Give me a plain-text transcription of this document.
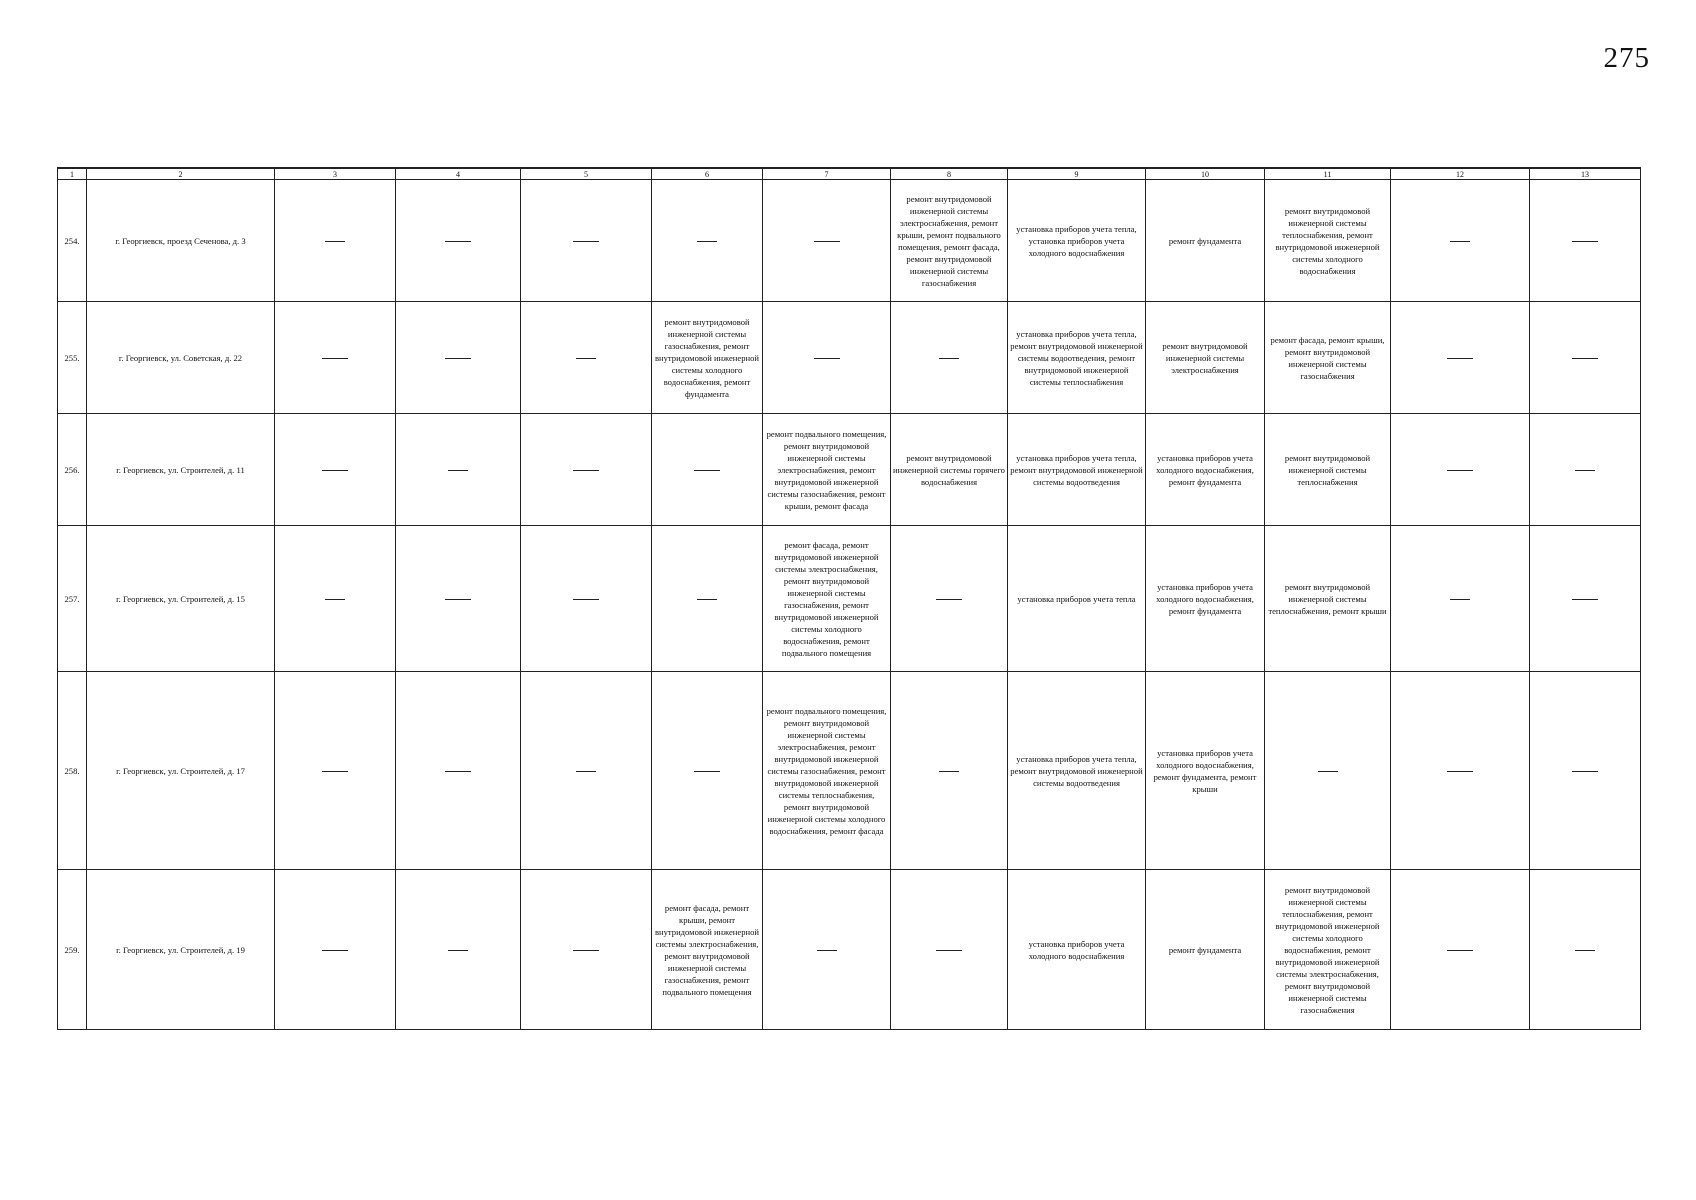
275
1	2	3	4	5	6	7	8	9	10	11	12	13
254.	г. Георгиевск, проезд Сеченова, д. 3						ремонт внутридомовой инженерной системы электроснабжения, ремонт крыши, ремонт подвального помещения, ремонт фасада, ремонт внутридомовой инженерной системы газоснабжения	установка приборов учета тепла, установка приборов учета холодного водоснабжения	ремонт фундамента	ремонт внутридомовой инженерной системы теплоснабжения, ремонт внутридомовой инженерной системы холодного водоснабжения		
255.	г. Георгиевск, ул. Советская, д. 22				ремонт внутридомовой инженерной системы газоснабжения, ремонт внутридомовой инженерной системы холодного водоснабжения, ремонт фундамента			установка приборов учета тепла, ремонт внутридомовой инженерной системы водоотведения, ремонт внутридомовой инженерной системы теплоснабжения	ремонт внутридомовой инженерной системы электроснабжения	ремонт фасада, ремонт крыши, ремонт внутридомовой инженерной системы газоснабжения		
256.	г. Георгиевск, ул. Строителей, д. 11					ремонт подвального помещения, ремонт внутридомовой инженерной системы электроснабжения, ремонт внутридомовой инженерной системы газоснабжения, ремонт крыши, ремонт фасада	ремонт внутридомовой инженерной системы горячего водоснабжения	установка приборов учета тепла, ремонт внутридомовой инженерной системы водоотведения	установка приборов учета холодного водоснабжения, ремонт фундамента	ремонт внутридомовой инженерной системы теплоснабжения		
257.	г. Георгиевск, ул. Строителей, д. 15					ремонт фасада, ремонт внутридомовой инженерной системы электроснабжения, ремонт внутридомовой инженерной системы газоснабжения, ремонт внутридомовой инженерной системы холодного водоснабжения, ремонт подвального помещения		установка приборов учета тепла	установка приборов учета холодного водоснабжения, ремонт фундамента	ремонт внутридомовой инженерной системы теплоснабжения, ремонт крыши		
258.	г. Георгиевск, ул. Строителей, д. 17					ремонт подвального помещения, ремонт внутридомовой инженерной системы электроснабжения, ремонт внутридомовой инженерной системы газоснабжения, ремонт внутридомовой инженерной системы теплоснабжения, ремонт внутридомовой инженерной системы холодного водоснабжения, ремонт фасада		установка приборов учета тепла, ремонт внутридомовой инженерной системы водоотведения	установка приборов учета холодного водоснабжения, ремонт фундамента, ремонт крыши			
259.	г. Георгиевск, ул. Строителей, д. 19				ремонт фасада, ремонт крыши, ремонт внутридомовой инженерной системы электроснабжения, ремонт внутридомовой инженерной системы газоснабжения, ремонт подвального помещения			установка приборов учета холодного водоснабжения	ремонт фундамента	ремонт внутридомовой инженерной системы теплоснабжения, ремонт внутридомовой инженерной системы холодного водоснабжения, ремонт внутридомовой инженерной системы электроснабжения, ремонт внутридомовой инженерной системы газоснабжения		
